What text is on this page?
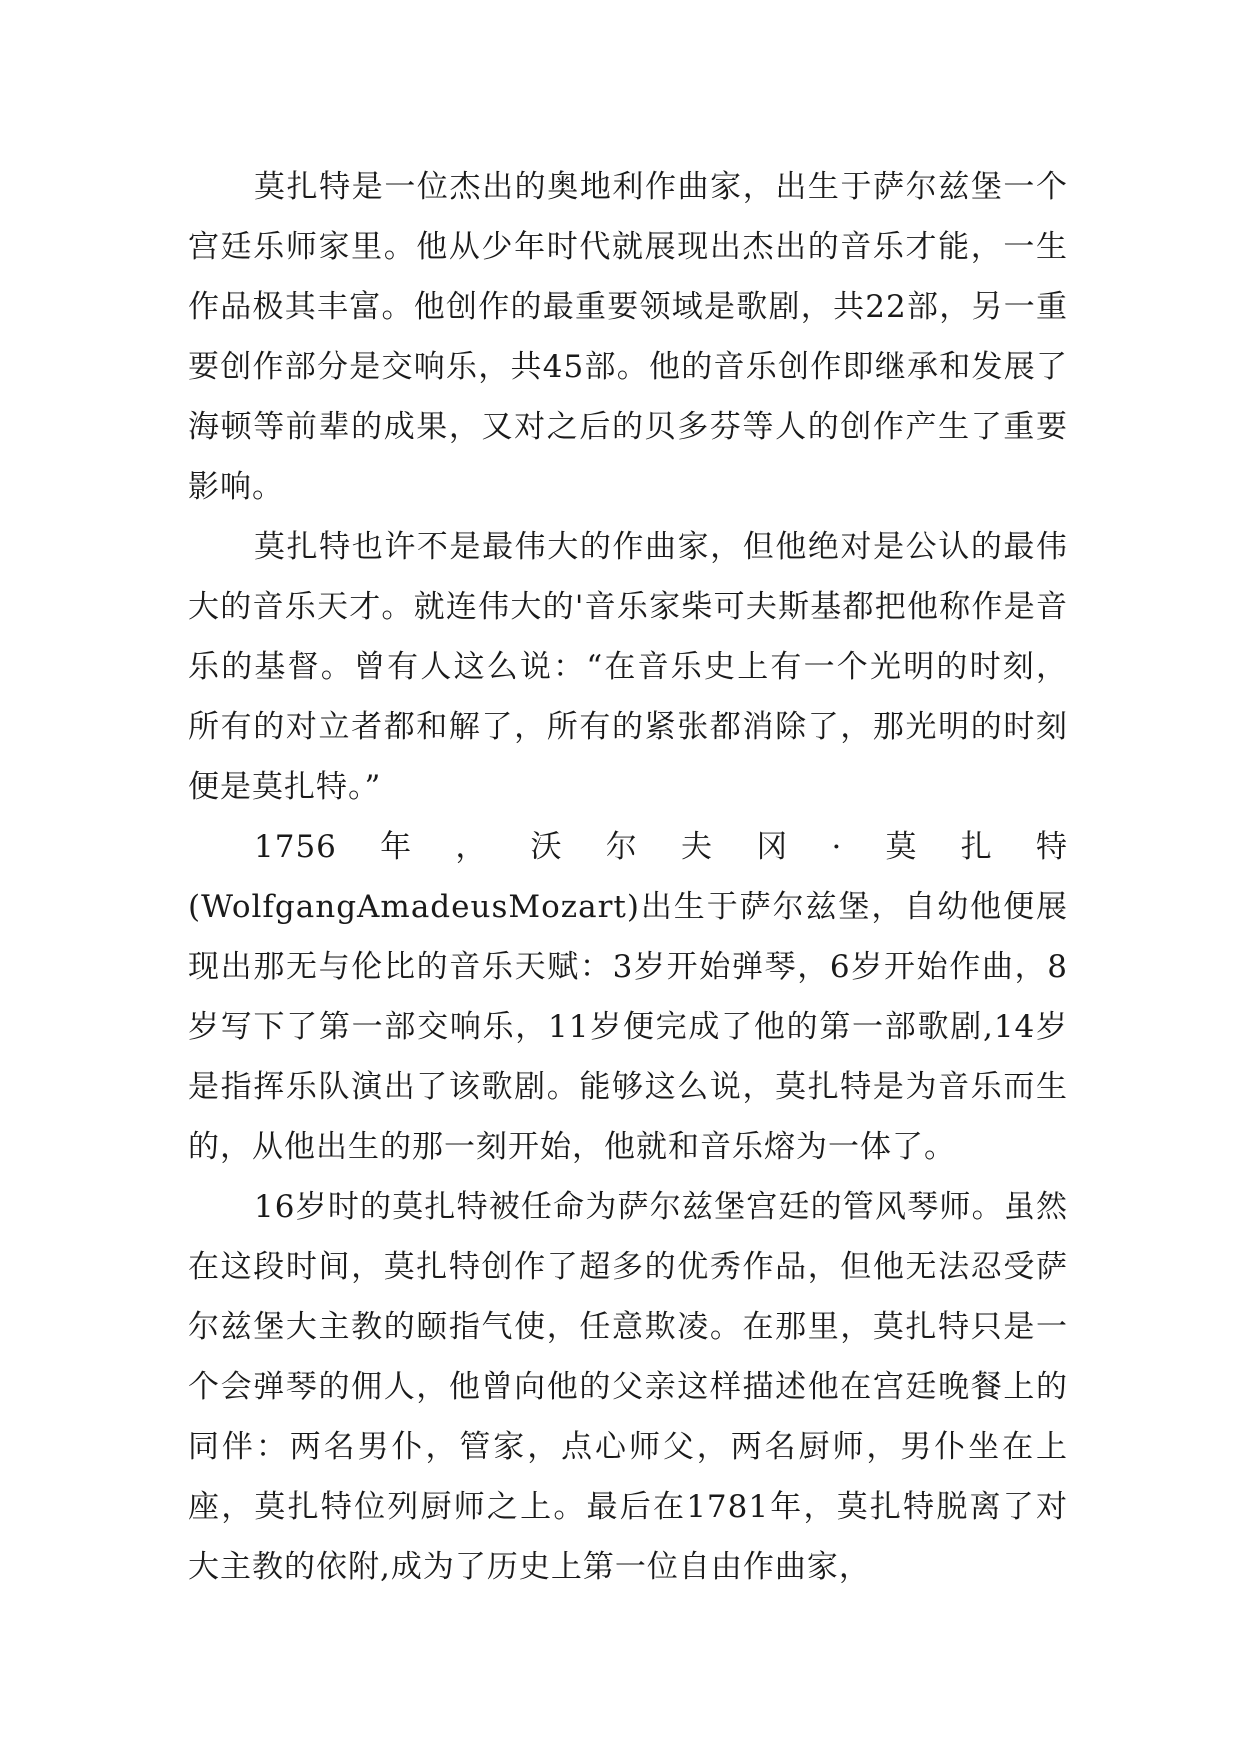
莫扎特是一位杰出的奥地利作曲家，出生于萨尔兹堡一个宫廷乐师家里。他从少年时代就展现出杰出的音乐才能，一生作品极其丰富。他创作的最重要领域是歌剧，共22部，另一重要创作部分是交响乐，共45部。他的音乐创作即继承和发展了海顿等前辈的成果，又对之后的贝多芬等人的创作产生了重要影响。

莫扎特也许不是最伟大的作曲家，但他绝对是公认的最伟大的音乐天才。就连伟大的'音乐家柴可夫斯基都把他称作是音乐的基督。曾有人这么说：“在音乐史上有一个光明的时刻，所有的对立者都和解了，所有的紧张都消除了，那光明的时刻便是莫扎特。”

1756年，沃尔夫冈·莫扎特(WolfgangAmadeusMozart)出生于萨尔兹堡，自幼他便展现出那无与伦比的音乐天赋：3岁开始弹琴，6岁开始作曲，8岁写下了第一部交响乐，11岁便完成了他的第一部歌剧,14岁是指挥乐队演出了该歌剧。能够这么说，莫扎特是为音乐而生的，从他出生的那一刻开始，他就和音乐熔为一体了。

16岁时的莫扎特被任命为萨尔兹堡宫廷的管风琴师。虽然在这段时间，莫扎特创作了超多的优秀作品，但他无法忍受萨尔兹堡大主教的颐指气使，任意欺凌。在那里，莫扎特只是一个会弹琴的佣人，他曾向他的父亲这样描述他在宫廷晚餐上的同伴：两名男仆，管家，点心师父，两名厨师，男仆坐在上座，莫扎特位列厨师之上。最后在1781年，莫扎特脱离了对大主教的依附,成为了历史上第一位自由作曲家，
